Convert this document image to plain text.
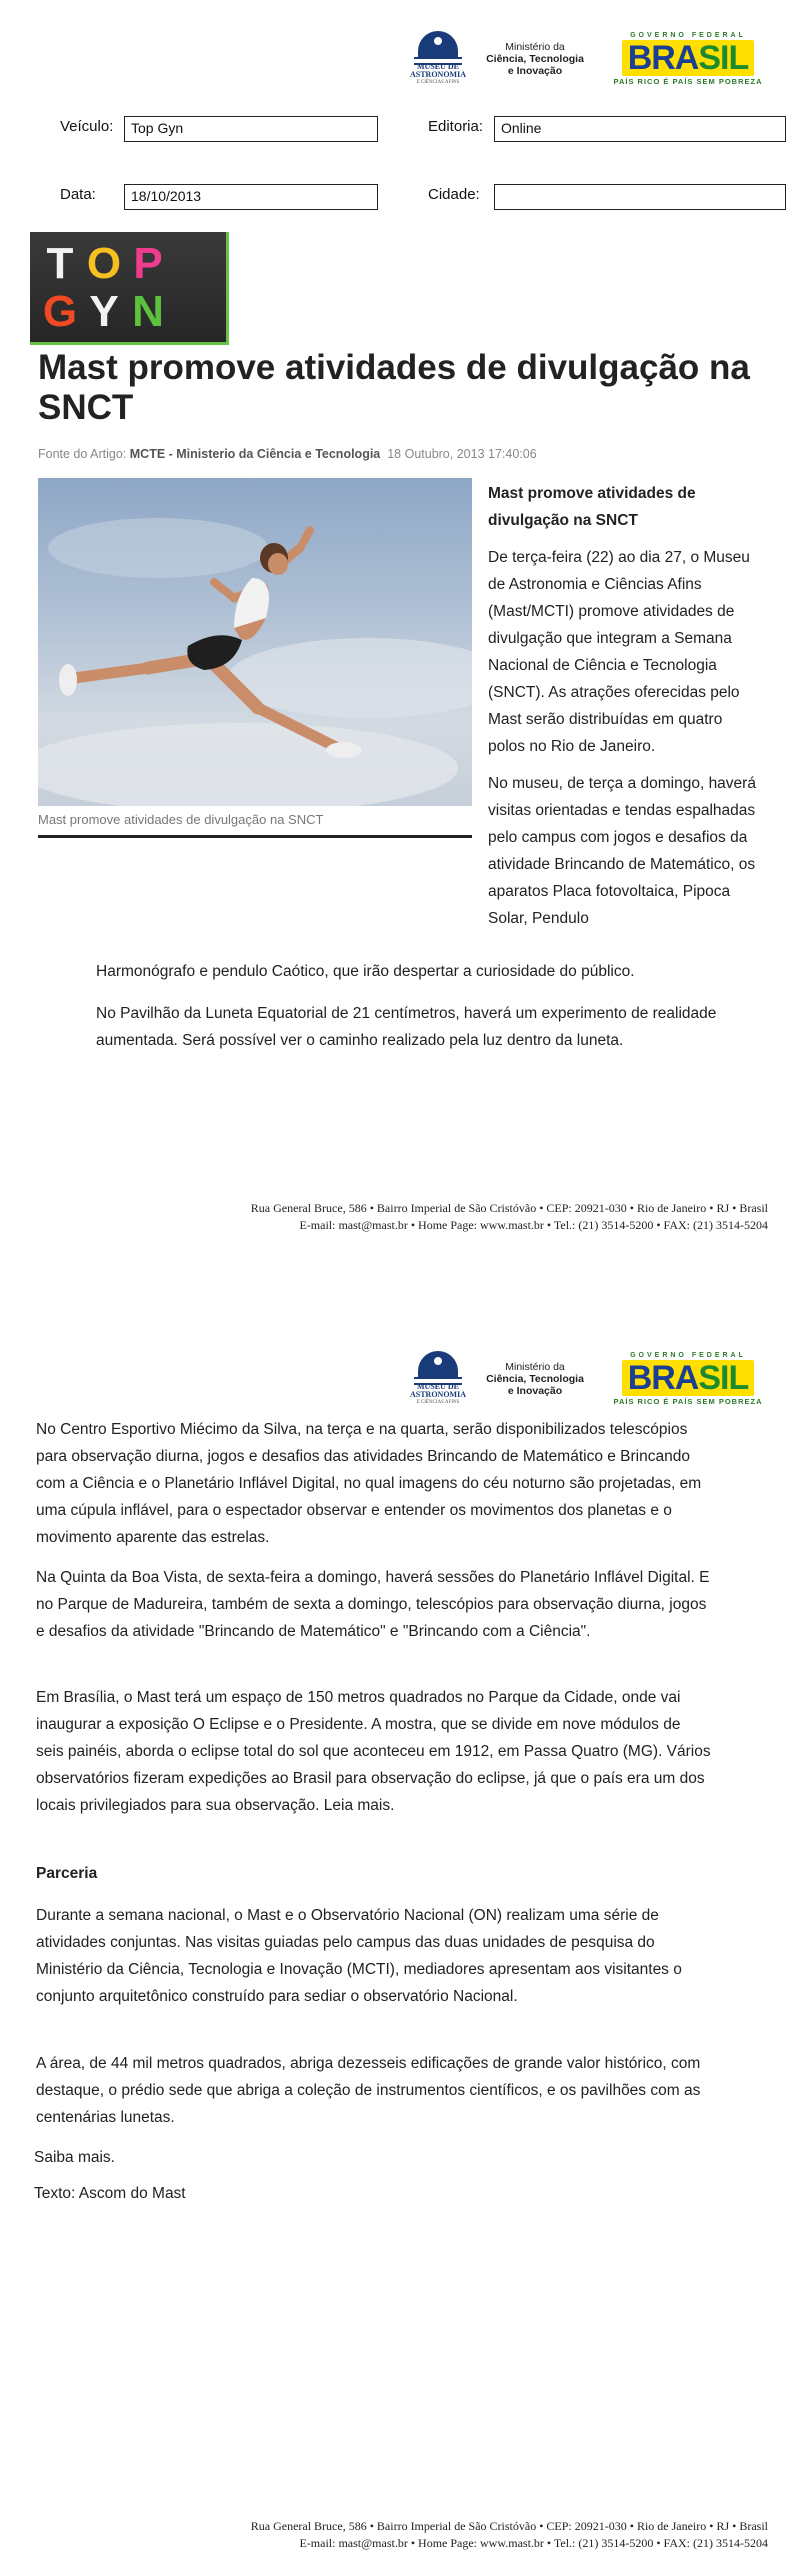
MUSEU DE
ASTRONOMIA
E CIÊNCIAS AFINS
Ministério da
Ciência, Tecnologia
e Inovação
GOVERNO FEDERAL
BRASIL
PAÍS RICO É PAÍS SEM POBREZA
Veículo:	Top Gyn	Editoria:	Online
Data:	18/10/2013	Cidade:
T O P
G Y N
Mast promove atividades de divulgação na SNCT
Fonte do Artigo: MCTE - Ministerio da Ciência e Tecnologia 18 Outubro, 2013 17:40:06
Mast promove atividades de divulgação na SNCT

Mast promove atividades de divulgação na SNCT

De terça-feira (22) ao dia 27, o Museu de Astronomia e Ciências Afins (Mast/MCTI) promove atividades de divulgação que integram a Semana Nacional de Ciência e Tecnologia (SNCT). As atrações oferecidas pelo Mast serão distribuídas em quatro polos no Rio de Janeiro.

No museu, de terça a domingo, haverá visitas orientadas e tendas espalhadas pelo campus com jogos e desafios da atividade Brincando de Matemático, os aparatos Placa fotovoltaica, Pipoca Solar, Pendulo

Harmonógrafo e pendulo Caótico, que irão despertar a curiosidade do público.

No Pavilhão da Luneta Equatorial de 21 centímetros, haverá um experimento de realidade aumentada. Será possível ver o caminho realizado pela luz dentro da luneta.

Rua General Bruce, 586 • Bairro Imperial de São Cristóvão • CEP: 20921-030 • Rio de Janeiro • RJ • Brasil
E-mail: mast@mast.br • Home Page: www.mast.br • Tel.: (21) 3514-5200 • FAX: (21) 3514-5204
MUSEU DE
ASTRONOMIA
E CIÊNCIAS AFINS
Ministério da
Ciência, Tecnologia
e Inovação
GOVERNO FEDERAL
BRASIL
PAÍS RICO É PAÍS SEM POBREZA

No Centro Esportivo Miécimo da Silva, na terça e na quarta, serão disponibilizados telescópios para observação diurna, jogos e desafios das atividades Brincando de Matemático e Brincando com a Ciência e o Planetário Inflável Digital, no qual imagens do céu noturno são projetadas, em uma cúpula inflável, para o espectador observar e entender os movimentos dos planetas e o movimento aparente das estrelas.

Na Quinta da Boa Vista, de sexta-feira a domingo, haverá sessões do Planetário Inflável Digital. E no Parque de Madureira, também de sexta a domingo, telescópios para observação diurna, jogos e desafios da atividade "Brincando de Matemático" e "Brincando com a Ciência".

Em Brasília, o Mast terá um espaço de 150 metros quadrados no Parque da Cidade, onde vai inaugurar a exposição O Eclipse e o Presidente. A mostra, que se divide em nove módulos de seis painéis, aborda o eclipse total do sol que aconteceu em 1912, em Passa Quatro (MG). Vários observatórios fizeram expedições ao Brasil para observação do eclipse, já que o país era um dos locais privilegiados para sua observação. Leia mais.

Parceria

Durante a semana nacional, o Mast e o Observatório Nacional (ON) realizam uma série de atividades conjuntas. Nas visitas guiadas pelo campus das duas unidades de pesquisa do Ministério da Ciência, Tecnologia e Inovação (MCTI), mediadores apresentam aos visitantes o conjunto arquitetônico construído para sediar o observatório Nacional.

A área, de 44 mil metros quadrados, abriga dezesseis edificações de grande valor histórico, com destaque, o prédio sede que abriga a coleção de instrumentos científicos, e os pavilhões com as centenárias lunetas.

Saiba mais.

Texto: Ascom do Mast

Rua General Bruce, 586 • Bairro Imperial de São Cristóvão • CEP: 20921-030 • Rio de Janeiro • RJ • Brasil
E-mail: mast@mast.br • Home Page: www.mast.br • Tel.: (21) 3514-5200 • FAX: (21) 3514-5204
